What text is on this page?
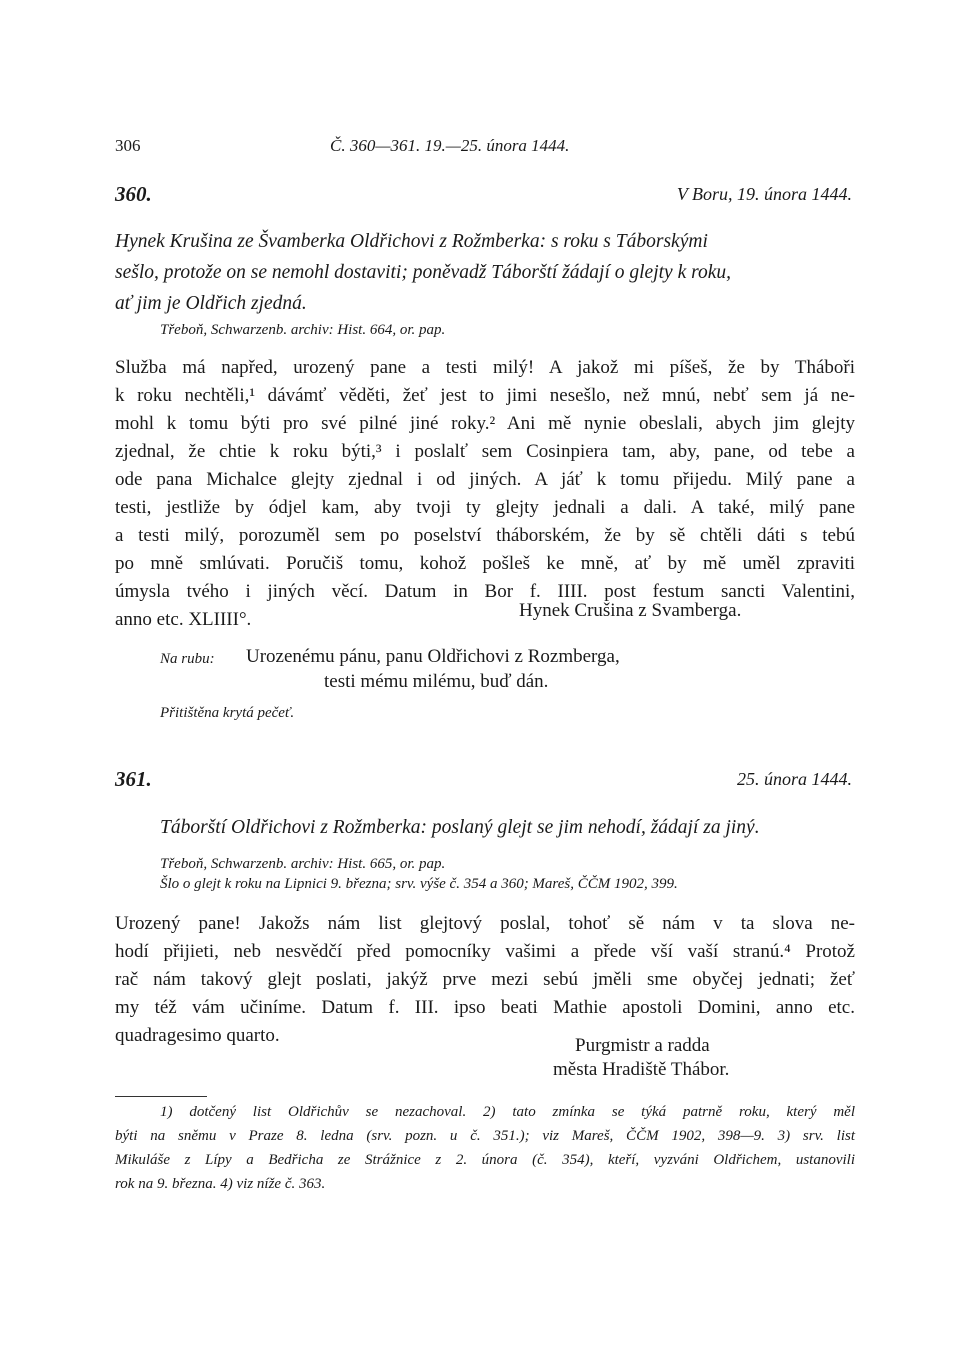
306	Č. 360—361. 19.—25. února 1444.
360.	V Boru, 19. února 1444.
Hynek Krušina ze Švamberka Oldřichovi z Rožmberka: s roku s Táborskými
sešlo, protože on se nemohl dostaviti; poněvadž Táborští žádají o glejty k roku,
ať jim je Oldřich zjedná.
Třeboň, Schwarzenb. archiv: Hist. 664, or. pap.
Služba má napřed, urozený pane a testi milý! A jakož mi píšeš, že by Tháboři
k roku nechtěli,¹ dávámť věděti, žeť jest to jimi nesešlo, než mnú, nebť sem já ne-
mohl k tomu býti pro své pilné jiné roky.² Ani mě nynie obeslali, abych jim glejty
zjednal, že chtie k roku býti,³ i poslalť sem Cosinpiera tam, aby, pane, od tebe a
ode pana Michalce glejty zjednal i od jiných. A jáť k tomu přijedu. Milý pane a
testi, jestliže by ódjel kam, aby tvoji ty glejty jednali a dali. A také, milý pane
a testi milý, porozuměl sem po poselství tháborském, že by sě chtěli dáti s tebú
po mně smlúvati. Poručiš tomu, kohož pošleš ke mně, ať by mě uměl zpraviti
úmysla tvého i jiných věcí. Datum in Bor f. IIII. post festum sancti Valentini,
anno etc. XLIIII°.	Hynek Crušina z Svamberga.
Na rubu: Urozenému pánu, panu Oldřichovi z Rozmberga,
testi mému milému, buď dán.
Přitištěna krytá pečeť.
361.	25. února 1444.
Táborští Oldřichovi z Rožmberka: poslaný glejt se jim nehodí, žádají za jiný.
Třeboň, Schwarzenb. archiv: Hist. 665, or. pap.
Šlo o glejt k roku na Lipnici 9. března; srv. výše č. 354 a 360; Mareš, ČČM 1902, 399.
Urozený pane! Jakožs nám list glejtový poslal, tohoť sě nám v ta slova ne-
hodí přijieti, neb nesvědčí před pomocníky vašimi a přede vší vaší stranú.⁴ Protož
rač nám takový glejt poslati, jakýž prve mezi sebú jměli sme obyčej jednati; žeť
my též vám učiníme. Datum f. III. ipso beati Mathie apostoli Domini, anno etc.
quadragesimo quarto.	Purgmistr a radda
města Hradiště Thábor.
1) dotčený list Oldřichův se nezachoval. 2) tato zmínka se týká patrně roku, který měl
býti na sněmu v Praze 8. ledna (srv. pozn. u č. 351.); viz Mareš, ČČM 1902, 398—9. 3) srv. list
Mikuláše z Lípy a Bedřicha ze Strážnice z 2. února (č. 354), kteří, vyzváni Oldřichem, ustanovili
rok na 9. března. 4) viz níže č. 363.
